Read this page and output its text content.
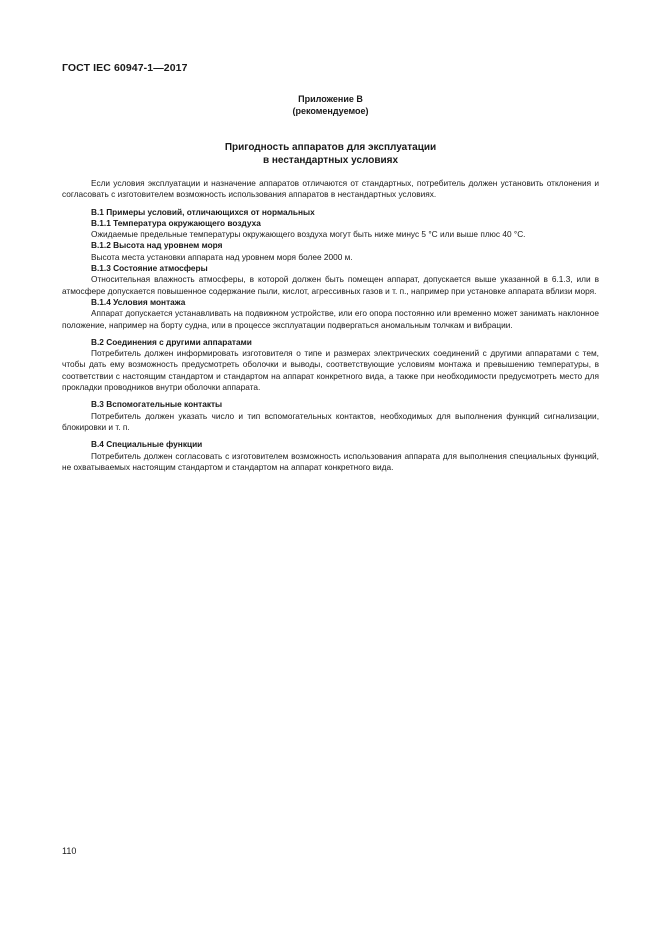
ГОСТ IEC 60947-1—2017
Приложение В
(рекомендуемое)
Пригодность аппаратов для эксплуатации
в нестандартных условиях

Если условия эксплуатации и назначение аппаратов отличаются от стандартных, потребитель должен установить отклонения и согласовать с изготовителем возможность использования аппаратов в нестандартных условиях.

В.1 Примеры условий, отличающихся от нормальных
В.1.1 Температура окружающего воздуха

Ожидаемые предельные температуры окружающего воздуха могут быть ниже минус 5 °С или выше плюс 40 °С.

В.1.2 Высота над уровнем моря

Высота места установки аппарата над уровнем моря более 2000 м.

В.1.3 Состояние атмосферы

Относительная влажность атмосферы, в которой должен быть помещен аппарат, допускается выше указанной в 6.1.3, или в атмосфере допускается повышенное содержание пыли, кислот, агрессивных газов и т. п., например при установке аппарата вблизи моря.

В.1.4 Условия монтажа

Аппарат допускается устанавливать на подвижном устройстве, или его опора постоянно или временно может занимать наклонное положение, например на борту судна, или в процессе эксплуатации подвергаться аномальным толчкам и вибрации.

В.2 Соединения с другими аппаратами

Потребитель должен информировать изготовителя о типе и размерах электрических соединений с другими аппаратами с тем, чтобы дать ему возможность предусмотреть оболочки и выводы, соответствующие условиям монтажа и превышению температуры, в соответствии с настоящим стандартом и стандартом на аппарат конкретного вида, а также при необходимости предусмотреть место для прокладки проводников внутри оболочки аппарата.

В.3 Вспомогательные контакты

Потребитель должен указать число и тип вспомогательных контактов, необходимых для выполнения функций сигнализации, блокировки и т. п.

В.4 Специальные функции

Потребитель должен согласовать с изготовителем возможность использования аппарата для выполнения специальных функций, не охватываемых настоящим стандартом и стандартом на аппарат конкретного вида.

110
